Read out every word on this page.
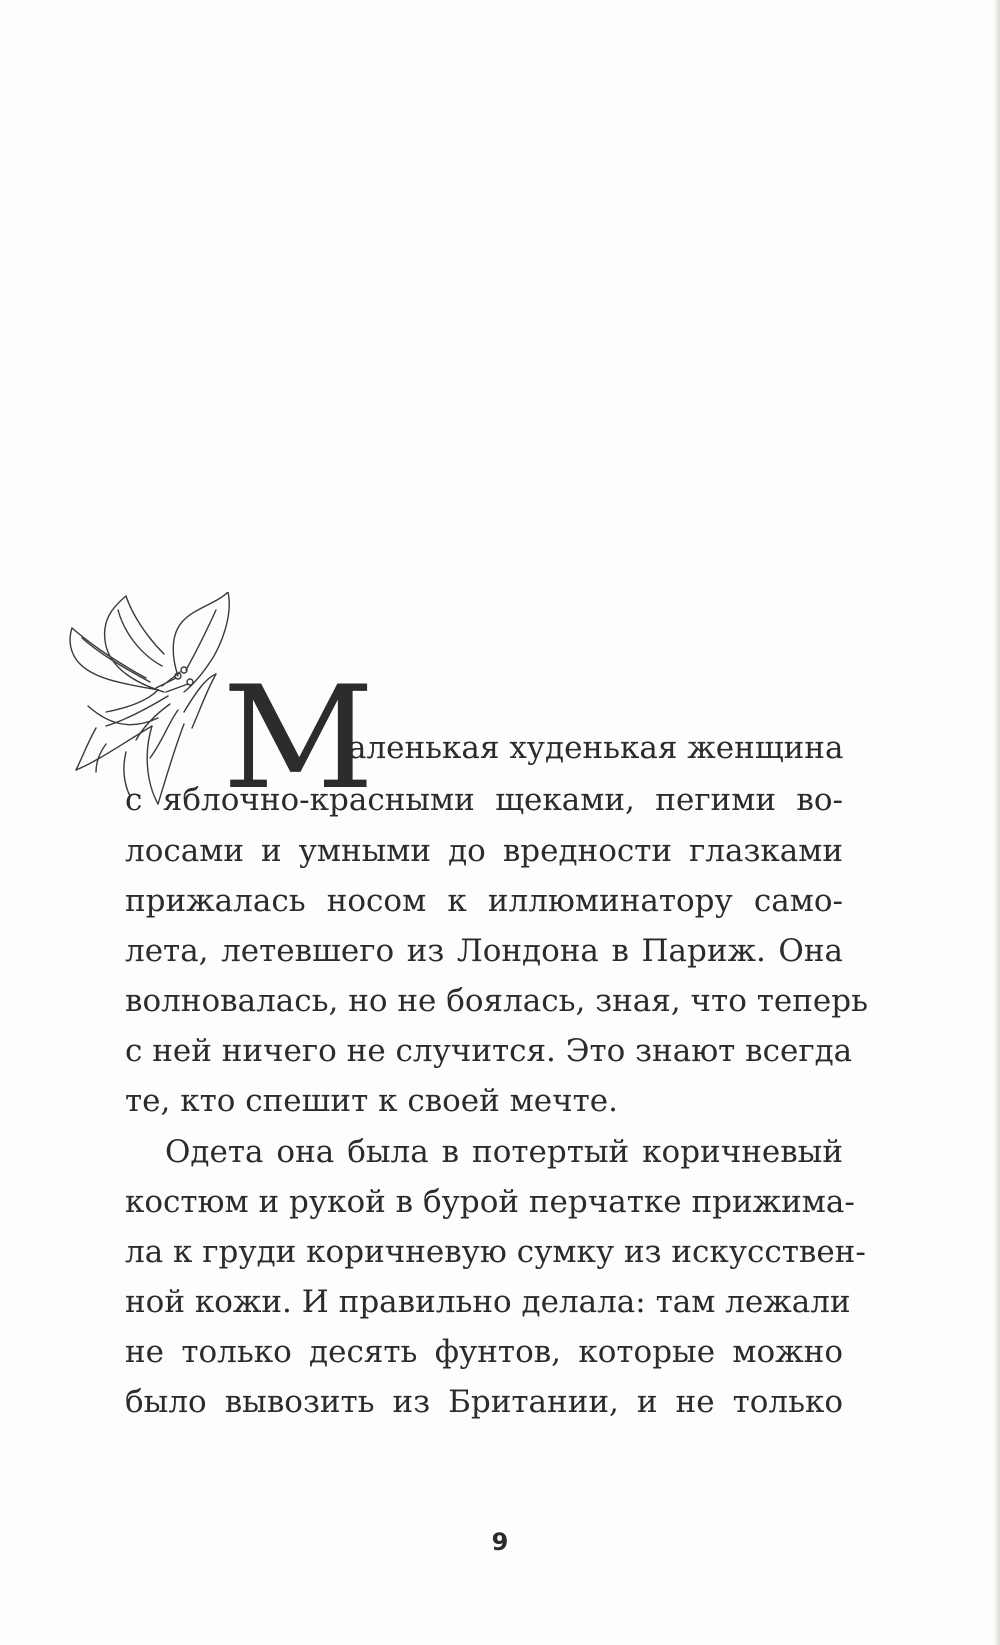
М
аленькая худенькая женщина
с яблочно-красными щеками, пегими во-
лосами и умными до вредности глазками
прижалась носом к иллюминатору само-
лета, летевшего из Лондона в Париж. Она
волновалась, но не боялась, зная, что теперь
с ней ничего не случится. Это знают всегда
те, кто спешит к своей мечте.
Одета она была в потертый коричневый
костюм и рукой в бурой перчатке прижима-
ла к груди коричневую сумку из искусствен-
ной кожи. И правильно делала: там лежали
не только десять фунтов, которые можно
было вывозить из Британии, и не только
9
